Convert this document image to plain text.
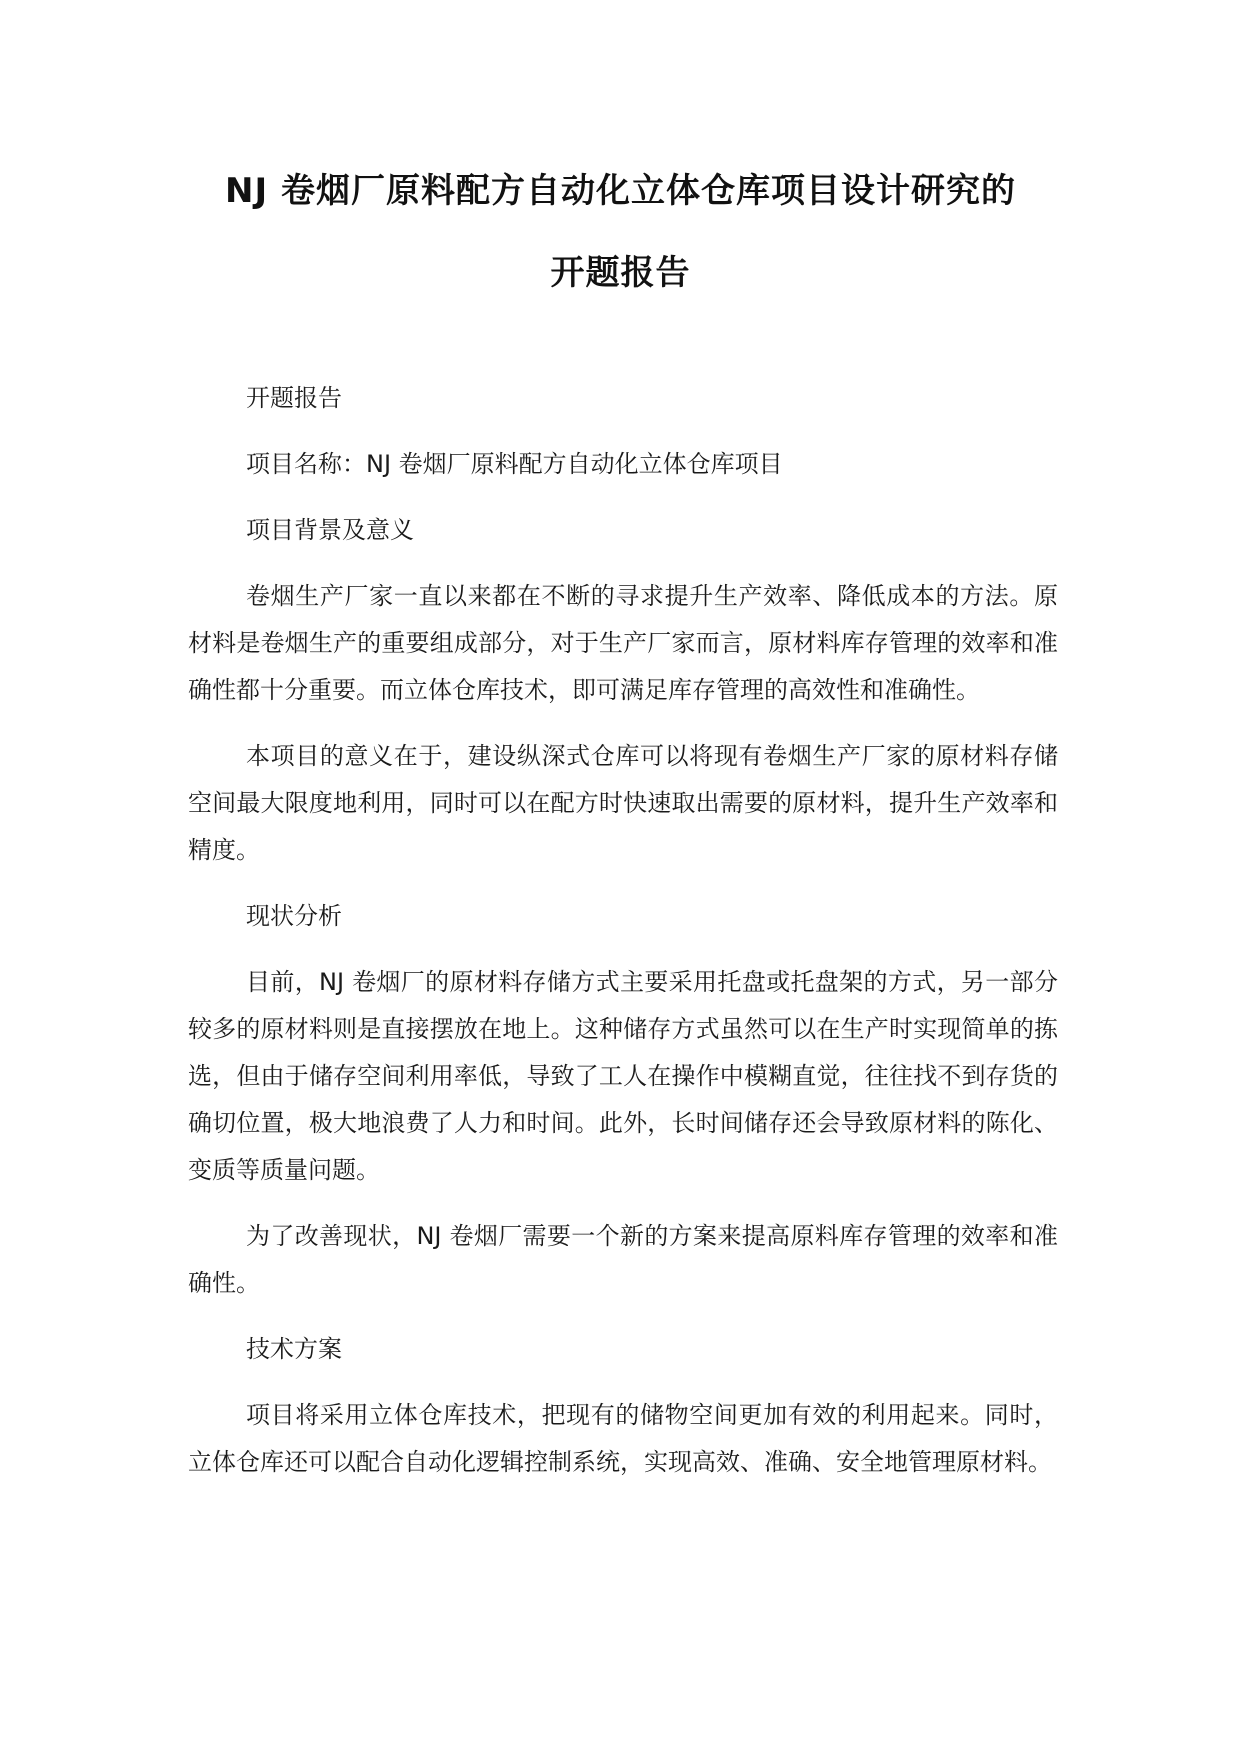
NJ 卷烟厂原料配方自动化立体仓库项目设计研究的
开题报告

开题报告

项目名称：NJ 卷烟厂原料配方自动化立体仓库项目

项目背景及意义

卷烟生产厂家一直以来都在不断的寻求提升生产效率、降低成本的方法。原材料是卷烟生产的重要组成部分，对于生产厂家而言，原材料库存管理的效率和准确性都十分重要。而立体仓库技术，即可满足库存管理的高效性和准确性。

本项目的意义在于，建设纵深式仓库可以将现有卷烟生产厂家的原材料存储空间最大限度地利用，同时可以在配方时快速取出需要的原材料，提升生产效率和精度。

现状分析

目前，NJ 卷烟厂的原材料存储方式主要采用托盘或托盘架的方式，另一部分较多的原材料则是直接摆放在地上。这种储存方式虽然可以在生产时实现简单的拣选，但由于储存空间利用率低，导致了工人在操作中模糊直觉，往往找不到存货的确切位置，极大地浪费了人力和时间。此外，长时间储存还会导致原材料的陈化、变质等质量问题。

为了改善现状，NJ 卷烟厂需要一个新的方案来提高原料库存管理的效率和准确性。

技术方案

项目将采用立体仓库技术，把现有的储物空间更加有效的利用起来。同时，立体仓库还可以配合自动化逻辑控制系统，实现高效、准确、安全地管理原材料。
